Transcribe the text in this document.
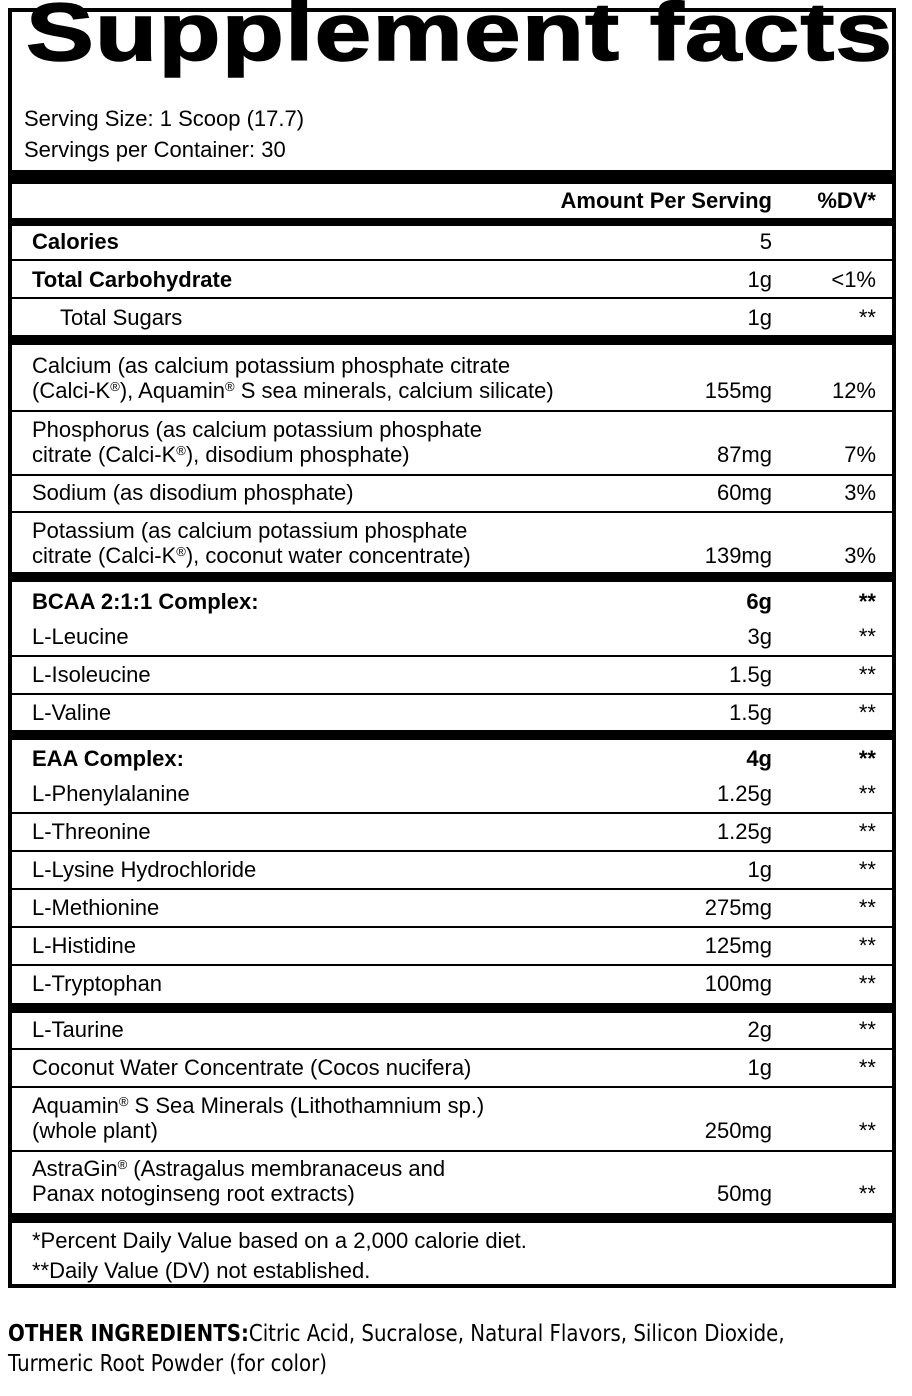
Supplement facts
Serving Size: 1 Scoop (17.7)
Servings per Container: 30
Amount Per Serving %DV*
Calories	5
Total Carbohydrate	1g	<1%
Total Sugars	1g	**
Calcium (as calcium potassium phosphate citrate
(Calci-K®), Aquamin® S sea minerals, calcium silicate)	155mg	12%
Phosphorus (as calcium potassium phosphate
citrate (Calci-K®), disodium phosphate)	87mg	7%
Sodium (as disodium phosphate)	60mg	3%
Potassium (as calcium potassium phosphate
citrate (Calci-K®), coconut water concentrate)	139mg	3%
BCAA 2:1:1 Complex:	6g	**
L-Leucine	3g	**
L-Isoleucine	1.5g	**
L-Valine	1.5g	**
EAA Complex:	4g	**
L-Phenylalanine	1.25g	**
L-Threonine	1.25g	**
L-Lysine Hydrochloride	1g	**
L-Methionine	275mg	**
L-Histidine	125mg	**
L-Tryptophan	100mg	**
L-Taurine	2g	**
Coconut Water Concentrate (Cocos nucifera)	1g	**
Aquamin® S Sea Minerals (Lithothamnium sp.)
(whole plant)	250mg	**
AstraGin® (Astragalus membranaceus and
Panax notoginseng root extracts)	50mg	**
*Percent Daily Value based on a 2,000 calorie diet.
**Daily Value (DV) not established.
OTHER INGREDIENTS:Citric Acid, Sucralose, Natural Flavors, Silicon Dioxide,
Turmeric Root Powder (for color)
